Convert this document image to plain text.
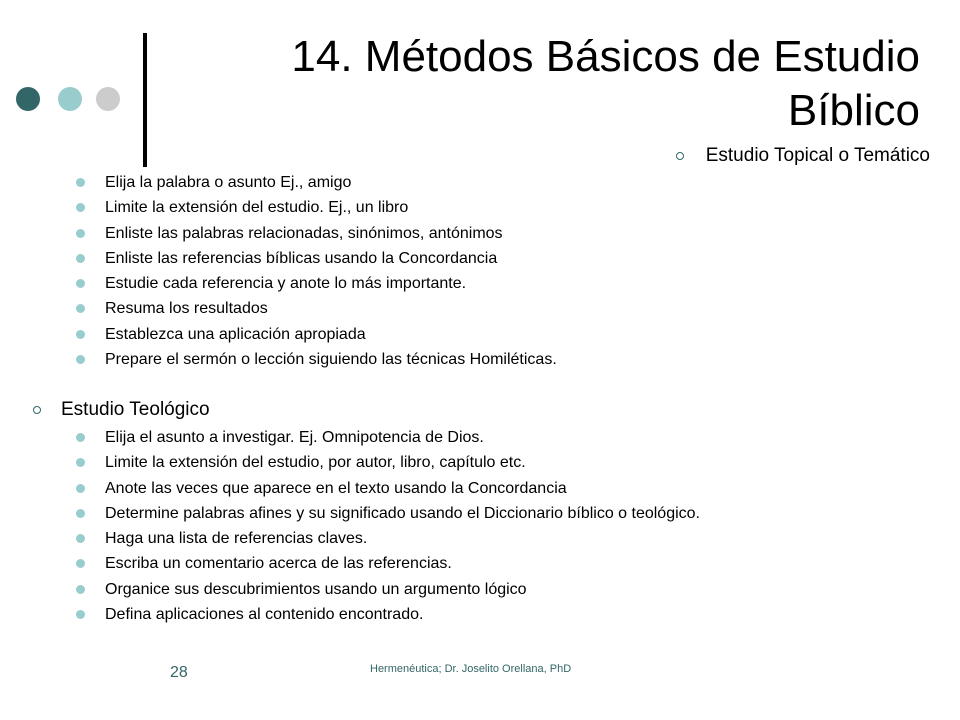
14. Métodos Básicos de Estudio
Bíblico
Estudio Topical o Temático
Elija la palabra o asunto Ej., amigo
Limite la extensión del estudio. Ej., un libro
Enliste las palabras relacionadas, sinónimos, antónimos
Enliste las referencias bíblicas usando la Concordancia
Estudie cada referencia y anote lo más importante.
Resuma los resultados
Establezca una aplicación apropiada
Prepare el sermón o lección siguiendo las técnicas Homiléticas.
Estudio Teológico
Elija el asunto a investigar. Ej. Omnipotencia de Dios.
Limite la extensión del estudio, por autor, libro, capítulo etc.
Anote las veces que aparece en el texto usando la Concordancia
Determine palabras afines y su significado usando el Diccionario bíblico o teológico.
Haga una lista de referencias claves.
Escriba un comentario acerca de las referencias.
Organice sus descubrimientos usando un argumento lógico
Defina aplicaciones al contenido encontrado.
28	Hermenéutica; Dr. Joselito Orellana, PhD
